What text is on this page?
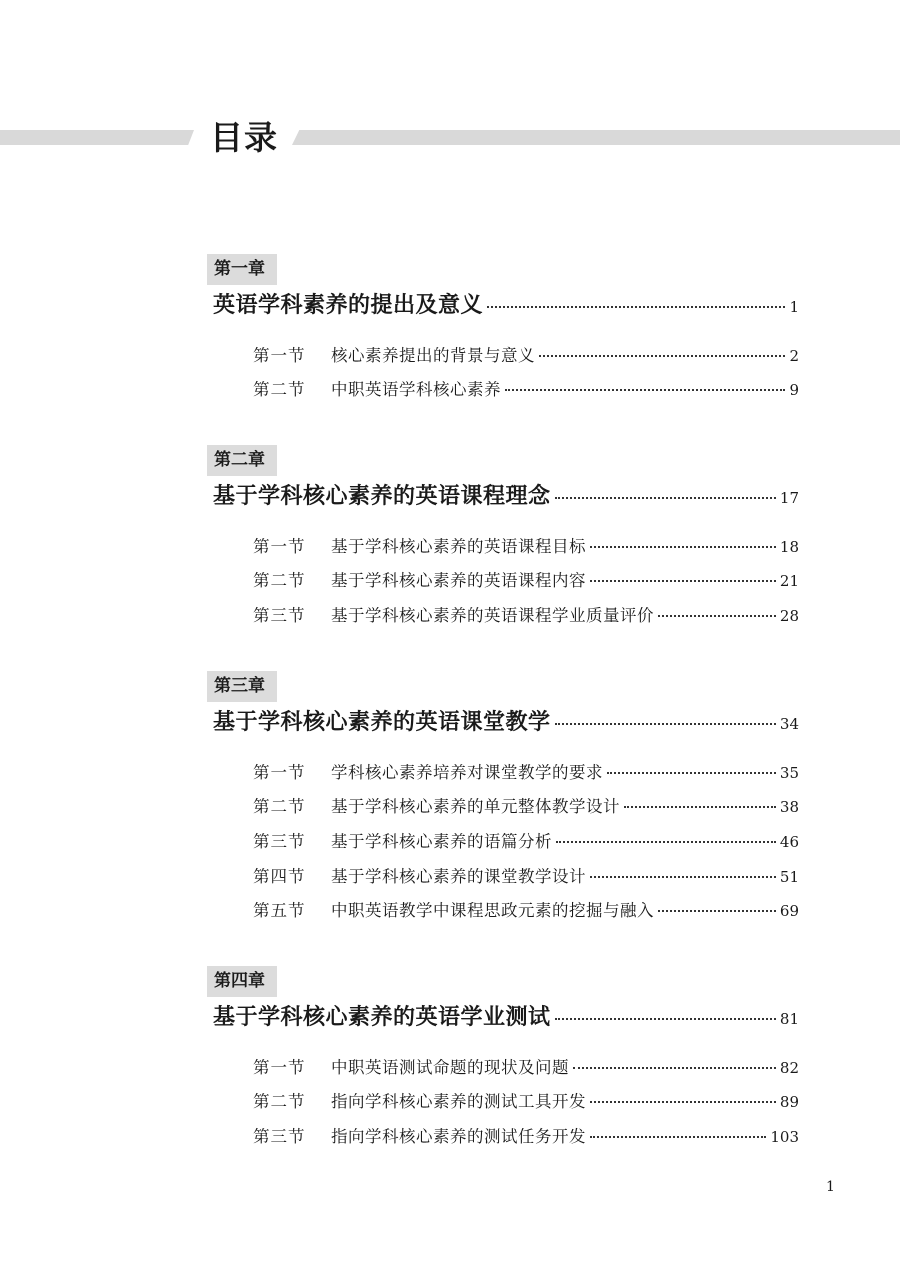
目录
第一章
英语学科素养的提出及意义	1
第一节	核心素养提出的背景与意义	2
第二节	中职英语学科核心素养	9
第二章
基于学科核心素养的英语课程理念	17
第一节	基于学科核心素养的英语课程目标	18
第二节	基于学科核心素养的英语课程内容	21
第三节	基于学科核心素养的英语课程学业质量评价	28
第三章
基于学科核心素养的英语课堂教学	34
第一节	学科核心素养培养对课堂教学的要求	35
第二节	基于学科核心素养的单元整体教学设计	38
第三节	基于学科核心素养的语篇分析	46
第四节	基于学科核心素养的课堂教学设计	51
第五节	中职英语教学中课程思政元素的挖掘与融入	69
第四章
基于学科核心素养的英语学业测试	81
第一节	中职英语测试命题的现状及问题	82
第二节	指向学科核心素养的测试工具开发	89
第三节	指向学科核心素养的测试任务开发	103
1
